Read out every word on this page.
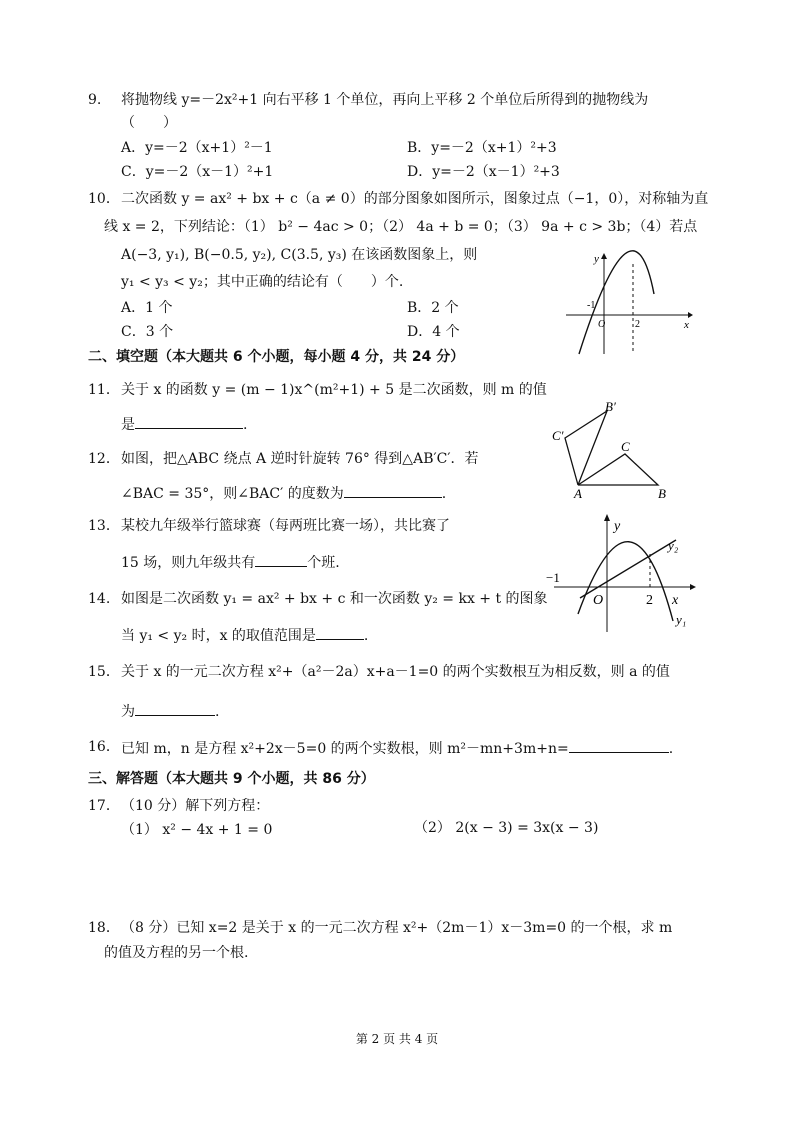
9. 将抛物线 y=－2x²+1 向右平移 1 个单位，再向上平移 2 个单位后所得到的抛物线为
（　　）
A．y=－2（x+1）²－1	B．y=－2（x+1）²+3
C．y=－2（x－1）²+1	D．y=－2（x－1）²+3
10． 二次函数 y = ax² + bx + c（a ≠ 0）的部分图象如图所示，图象过点（−1，0），对称轴为直
线 x = 2，下列结论：（1） b² − 4ac > 0；（2） 4a + b = 0；（3） 9a + c > 3b；（4）若点
A(−3, y₁), B(−0.5, y₂), C(3.5, y₃) 在该函数图象上，则
y₁ < y₃ < y₂；其中正确的结论有（　　）个.
A．1 个	B．2 个
C．3 个	D．4 个
y
x
-1
O	2
二、填空题（本大题共 6 个小题，每小题 4 分，共 24 分）
11． 关于 x 的函数 y = (m − 1)x^(m²+1) + 5 是二次函数，则 m 的值
是	.
12． 如图，把△ABC 绕点 A 逆时针旋转 76° 得到△AB′C′．若
∠BAC = 35°，则∠BAC′ 的度数为	.
B′
C′
C
A	B
13． 某校九年级举行篮球赛（每两班比赛一场），共比赛了
15 场，则九年级共有	个班.
14. 如图是二次函数 y₁ = ax² + bx + c 和一次函数 y₂ = kx + t 的图象
当 y₁ < y₂ 时，x 的取值范围是	.
y
y₂
−1
O	2 x
y₁
15． 关于 x 的一元二次方程 x²+（a²－2a）x+a－1=0 的两个实数根互为相反数，则 a 的值
为	.
16． 已知 m，n 是方程 x²+2x－5=0 的两个实数根，则 m²－mn+3m+n=	.
三、解答题（本大题共 9 个小题，共 86 分）
17． （10 分）解下列方程：
（1） x² − 4x + 1 = 0	（2） 2(x − 3) = 3x(x − 3)
18． （8 分）已知 x=2 是关于 x 的一元二次方程 x²+（2m－1）x－3m=0 的一个根，求 m
的值及方程的另一个根.
第 2 页 共 4 页
